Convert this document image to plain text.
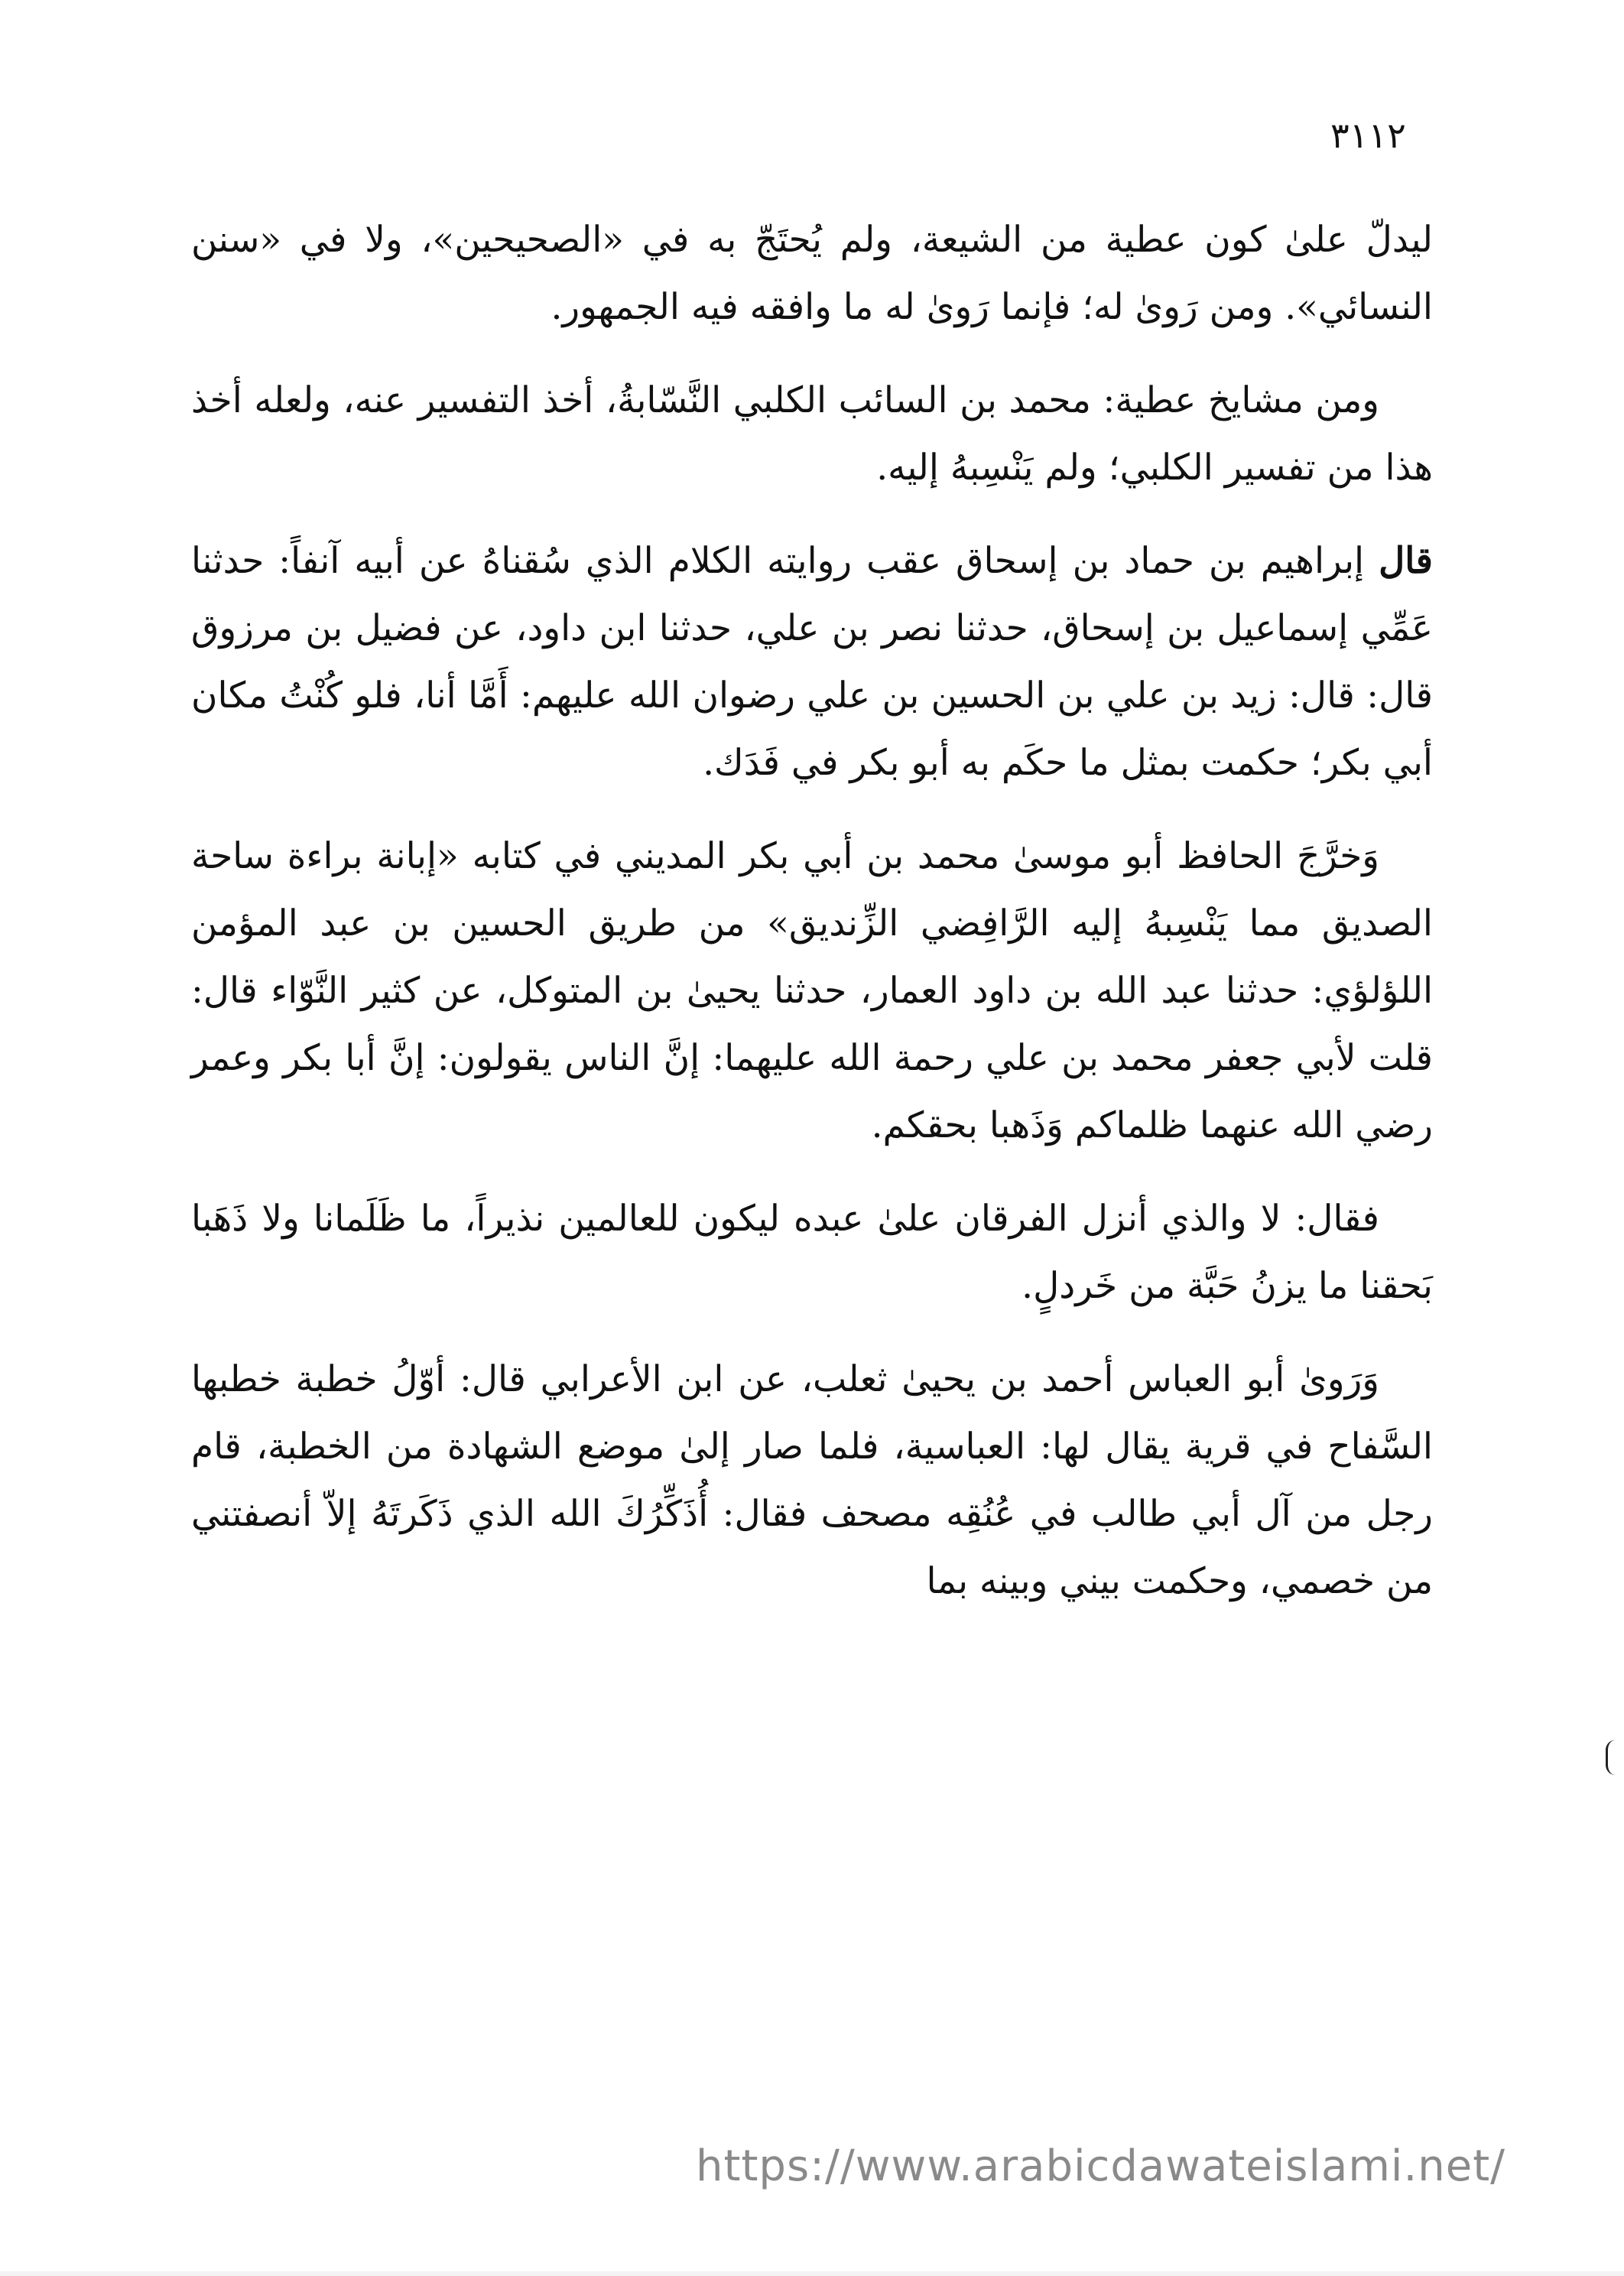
٣١١٢

ليدلّ علىٰ كون عطية من الشيعة، ولم يُحتَجّ به في «الصحيحين»، ولا في «سنن النسائي». ومن رَوىٰ له؛ فإنما رَوىٰ له ما وافقه فيه الجمهور.

ومن مشايخ عطية: محمد بن السائب الكلبي النَّسّابةُ، أخذ التفسير عنه، ولعله أخذ هذا من تفسير الكلبي؛ ولم يَنْسِبهُ إليه.

قال إبراهيم بن حماد بن إسحاق عقب روايته الكلام الذي سُقناهُ عن أبيه آنفاً: حدثنا عَمِّي إسماعيل بن إسحاق، حدثنا نصر بن علي، حدثنا ابن داود، عن فضيل بن مرزوق قال: قال: زيد بن علي بن الحسين بن علي رضوان الله عليهم: أَمَّا أنا، فلو كُنْتُ مكان أبي بكر؛ حكمت بمثل ما حكَم به أبو بكر في فَدَك.

وَخرَّجَ الحافظ أبو موسىٰ محمد بن أبي بكر المديني في كتابه «إبانة براءة ساحة الصديق مما يَنْسِبهُ إليه الرَّافِضي الزِّنديق» من طريق الحسين بن عبد المؤمن اللؤلؤي: حدثنا عبد الله بن داود العمار، حدثنا يحيىٰ بن المتوكل، عن كثير النَّوّاء قال: قلت لأبي جعفر محمد بن علي رحمة الله عليهما: إنَّ الناس يقولون: إنَّ أبا بكر وعمر رضي الله عنهما ظلماكم وَذَهبا بحقكم.

فقال: لا والذي أنزل الفرقان علىٰ عبده ليكون للعالمين نذيراً، ما ظَلَمانا ولا ذَهَبا بَحقنا ما يزنُ حَبَّة من خَردلٍ.

وَرَوىٰ أبو العباس أحمد بن يحيىٰ ثعلب، عن ابن الأعرابي قال: أوّلُ خطبة خطبها السَّفاح في قرية يقال لها: العباسية، فلما صار إلىٰ موضع الشهادة من الخطبة، قام رجل من آل أبي طالب في عُنُقِه مصحف فقال: أُذَكِّرُكَ الله الذي ذَكَرتَهُ إلاّ أنصفتني من خصمي، وحكمت بيني وبينه بما

https://www.arabicdawateislami.net/
